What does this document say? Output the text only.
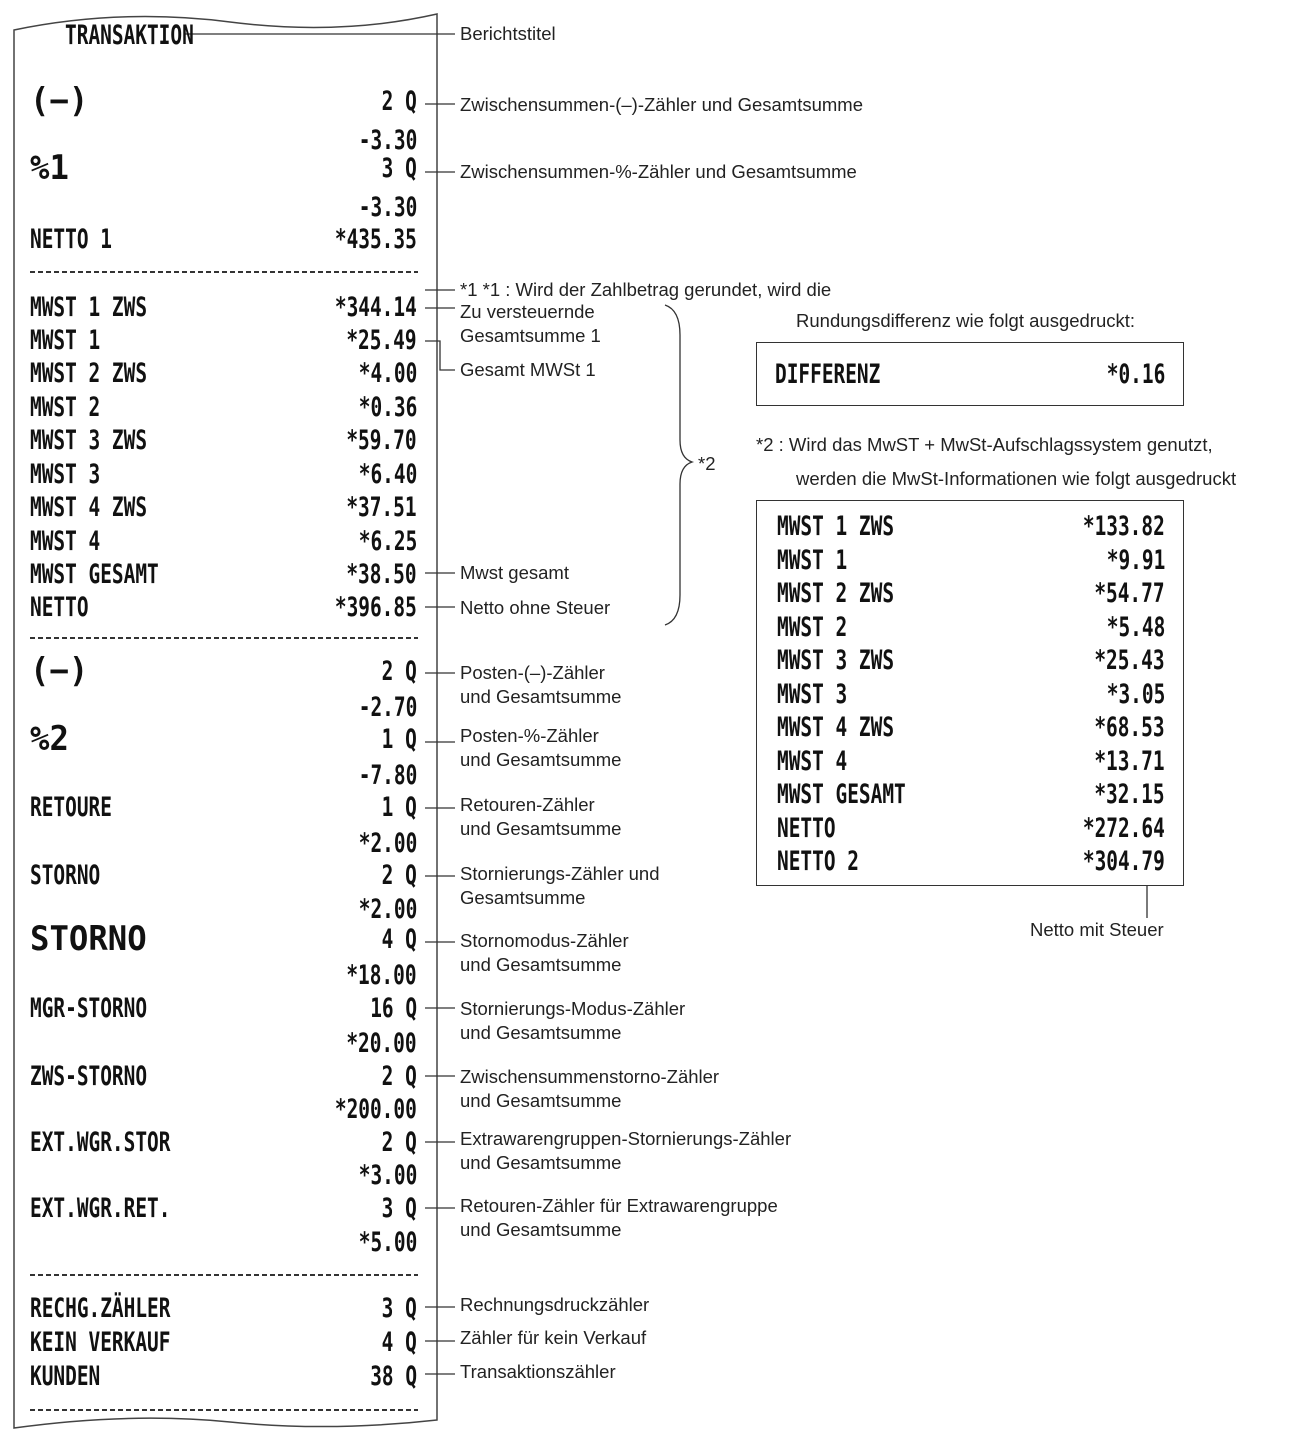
TRANSAKTION
(−)	2 Q
-3.30
%1	3 Q
-3.30
NETTO 1	*435.35
MWST 1 ZWS	*344.14
MWST 1	*25.49
MWST 2 ZWS	*4.00
MWST 2	*0.36
MWST 3 ZWS	*59.70
MWST 3	*6.40
MWST 4 ZWS	*37.51
MWST 4	*6.25
MWST GESAMT	*38.50
NETTO	*396.85
(−)	2 Q
-2.70
%2	1 Q
-7.80
RETOURE	1 Q
*2.00
STORNO	2 Q
*2.00
STORNO	4 Q
*18.00
MGR-STORNO	16 Q
*20.00
ZWS-STORNO	2 Q
*200.00
EXT.WGR.STOR	2 Q
*3.00
EXT.WGR.RET.	3 Q
*5.00
RECHG.ZÄHLER	3 Q
KEIN VERKAUF	4 Q
KUNDEN	38 Q
Berichtstitel
Zwischensummen-(–)-Zähler und Gesamtsumme
Zwischensummen-%-Zähler und Gesamtsumme
*1 *1 : Wird der Zahlbetrag gerundet, wird die
Zu versteuernde
Gesamtsumme 1
Gesamt MWSt 1
Mwst gesamt
Netto ohne Steuer
Posten-(–)-Zähler
und Gesamtsumme
Posten-%-Zähler
und Gesamtsumme
Retouren-Zähler
und Gesamtsumme
Stornierungs-Zähler und
Gesamtsumme
Stornomodus-Zähler
und Gesamtsumme
Stornierungs-Modus-Zähler
und Gesamtsumme
Zwischensummenstorno-Zähler
und Gesamtsumme
Extrawarengruppen-Stornierungs-Zähler
und Gesamtsumme
Retouren-Zähler für Extrawarengruppe
und Gesamtsumme
Rechnungsdruckzähler
Zähler für kein Verkauf
Transaktionszähler
*2
Rundungsdifferenz wie folgt ausgedruckt:
DIFFERENZ	*0.16
*2 : Wird das MwST + MwSt-Aufschlagssystem genutzt,
werden die MwSt-Informationen wie folgt ausgedruckt
MWST 1 ZWS	*133.82
MWST 1	*9.91
MWST 2 ZWS	*54.77
MWST 2	*5.48
MWST 3 ZWS	*25.43
MWST 3	*3.05
MWST 4 ZWS	*68.53
MWST 4	*13.71
MWST GESAMT	*32.15
NETTO	*272.64
NETTO 2	*304.79
Netto mit Steuer
